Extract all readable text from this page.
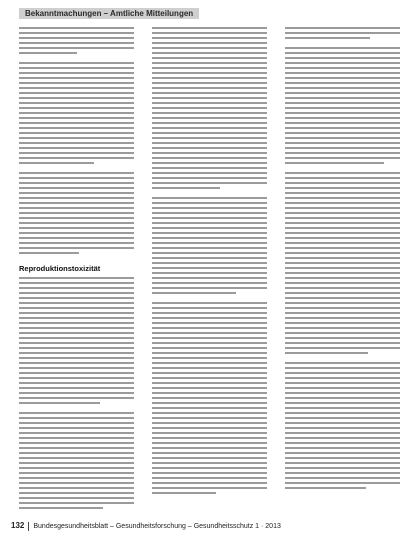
Bekanntmachungen – Amtliche Mitteilungen
Reproduktionstoxizität
132 Bundesgesundheitsblatt – Gesundheitsforschung – Gesundheitsschutz 1 · 2013
